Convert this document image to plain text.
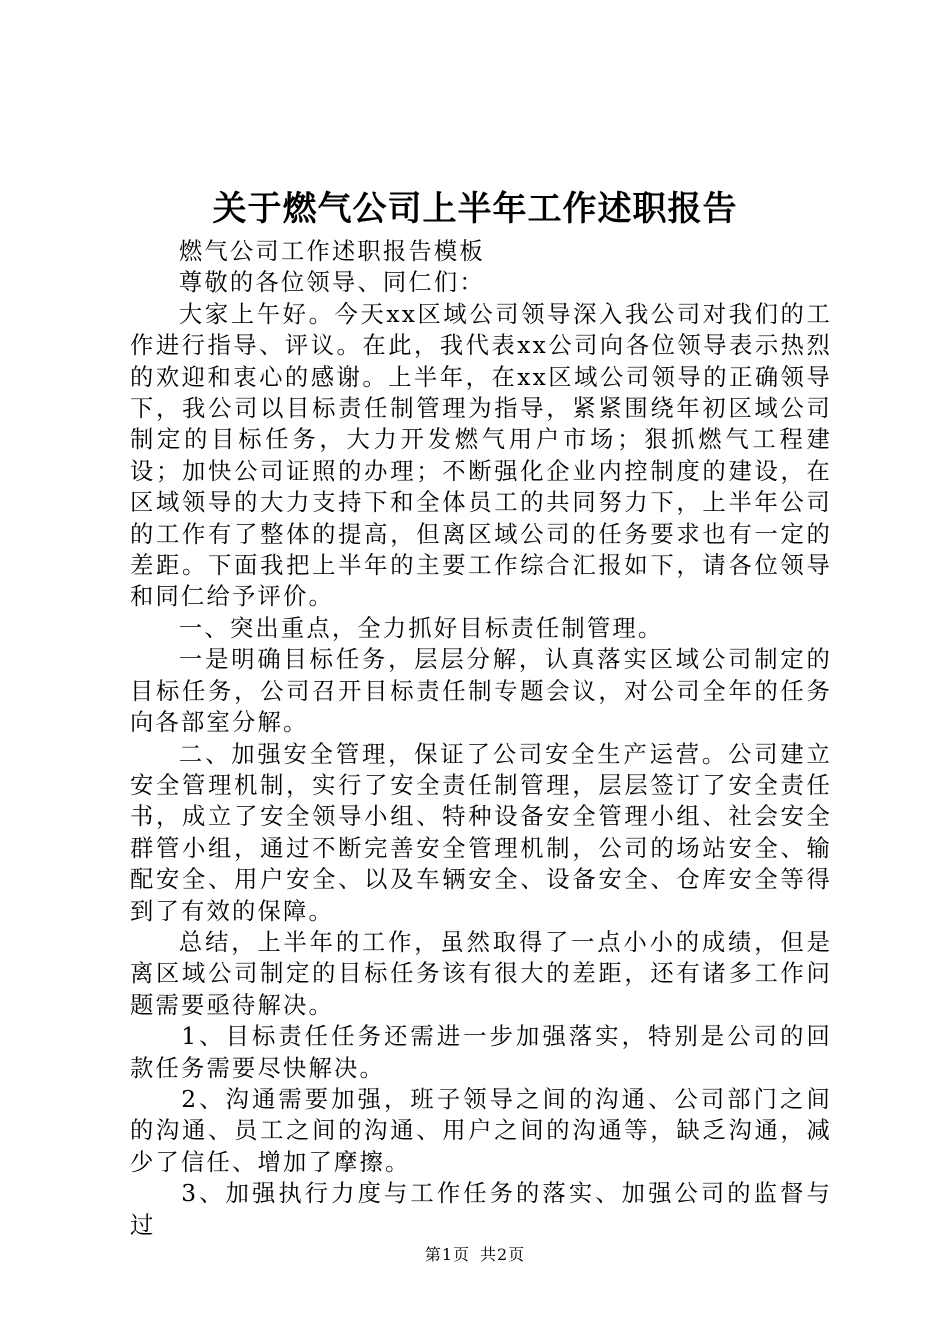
关于燃气公司上半年工作述职报告

燃气公司工作述职报告模板

尊敬的各位领导、同仁们：

大家上午好。今天xx区域公司领导深入我公司对我们的工作进行指导、评议。在此，我代表xx公司向各位领导表示热烈的欢迎和衷心的感谢。上半年，在xx区域公司领导的正确领导下，我公司以目标责任制管理为指导，紧紧围绕年初区域公司制定的目标任务，大力开发燃气用户市场；狠抓燃气工程建设；加快公司证照的办理；不断强化企业内控制度的建设，在区域领导的大力支持下和全体员工的共同努力下，上半年公司的工作有了整体的提高，但离区域公司的任务要求也有一定的差距。下面我把上半年的主要工作综合汇报如下，请各位领导和同仁给予评价。

一、突出重点，全力抓好目标责任制管理。

一是明确目标任务，层层分解，认真落实区域公司制定的目标任务，公司召开目标责任制专题会议，对公司全年的任务向各部室分解。

二、加强安全管理，保证了公司安全生产运营。公司建立安全管理机制，实行了安全责任制管理，层层签订了安全责任书，成立了安全领导小组、特种设备安全管理小组、社会安全群管小组，通过不断完善安全管理机制，公司的场站安全、输配安全、用户安全、以及车辆安全、设备安全、仓库安全等得到了有效的保障。

总结，上半年的工作，虽然取得了一点小小的成绩，但是离区域公司制定的目标任务该有很大的差距，还有诸多工作问题需要亟待解决。

1、目标责任任务还需进一步加强落实，特别是公司的回款任务需要尽快解决。

2、沟通需要加强，班子领导之间的沟通、公司部门之间的沟通、员工之间的沟通、用户之间的沟通等，缺乏沟通，减少了信任、增加了摩擦。

3、加强执行力度与工作任务的落实、加强公司的监督与过

第1页 共2页
